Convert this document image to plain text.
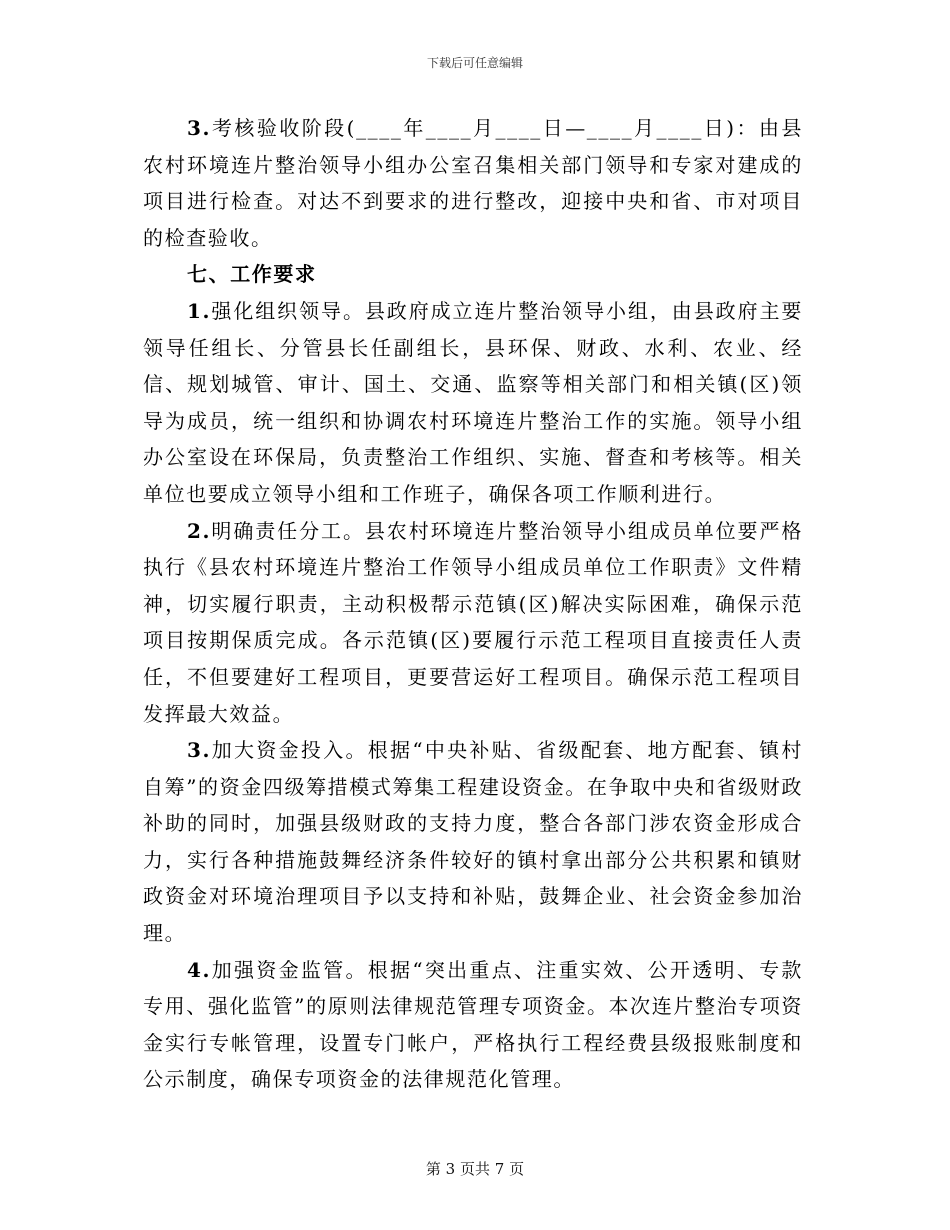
下载后可任意编辑

3.考核验收阶段(____年____月____日—____月____日)：由县农村环境连片整治领导小组办公室召集相关部门领导和专家对建成的项目进行检查。对达不到要求的进行整改，迎接中央和省、市对项目的检查验收。

七、工作要求

1.强化组织领导。县政府成立连片整治领导小组，由县政府主要领导任组长、分管县长任副组长，县环保、财政、水利、农业、经信、规划城管、审计、国土、交通、监察等相关部门和相关镇(区)领导为成员，统一组织和协调农村环境连片整治工作的实施。领导小组办公室设在环保局，负责整治工作组织、实施、督查和考核等。相关单位也要成立领导小组和工作班子，确保各项工作顺利进行。

2.明确责任分工。县农村环境连片整治领导小组成员单位要严格执行《县农村环境连片整治工作领导小组成员单位工作职责》文件精神，切实履行职责，主动积极帮示范镇(区)解决实际困难，确保示范项目按期保质完成。各示范镇(区)要履行示范工程项目直接责任人责任，不但要建好工程项目，更要营运好工程项目。确保示范工程项目发挥最大效益。

3.加大资金投入。根据“中央补贴、省级配套、地方配套、镇村自筹”的资金四级筹措模式筹集工程建设资金。在争取中央和省级财政补助的同时，加强县级财政的支持力度，整合各部门涉农资金形成合力，实行各种措施鼓舞经济条件较好的镇村拿出部分公共积累和镇财政资金对环境治理项目予以支持和补贴，鼓舞企业、社会资金参加治理。

4.加强资金监管。根据“突出重点、注重实效、公开透明、专款专用、强化监管”的原则法律规范管理专项资金。本次连片整治专项资金实行专帐管理，设置专门帐户，严格执行工程经费县级报账制度和公示制度，确保专项资金的法律规范化管理。

第 3 页共 7 页
